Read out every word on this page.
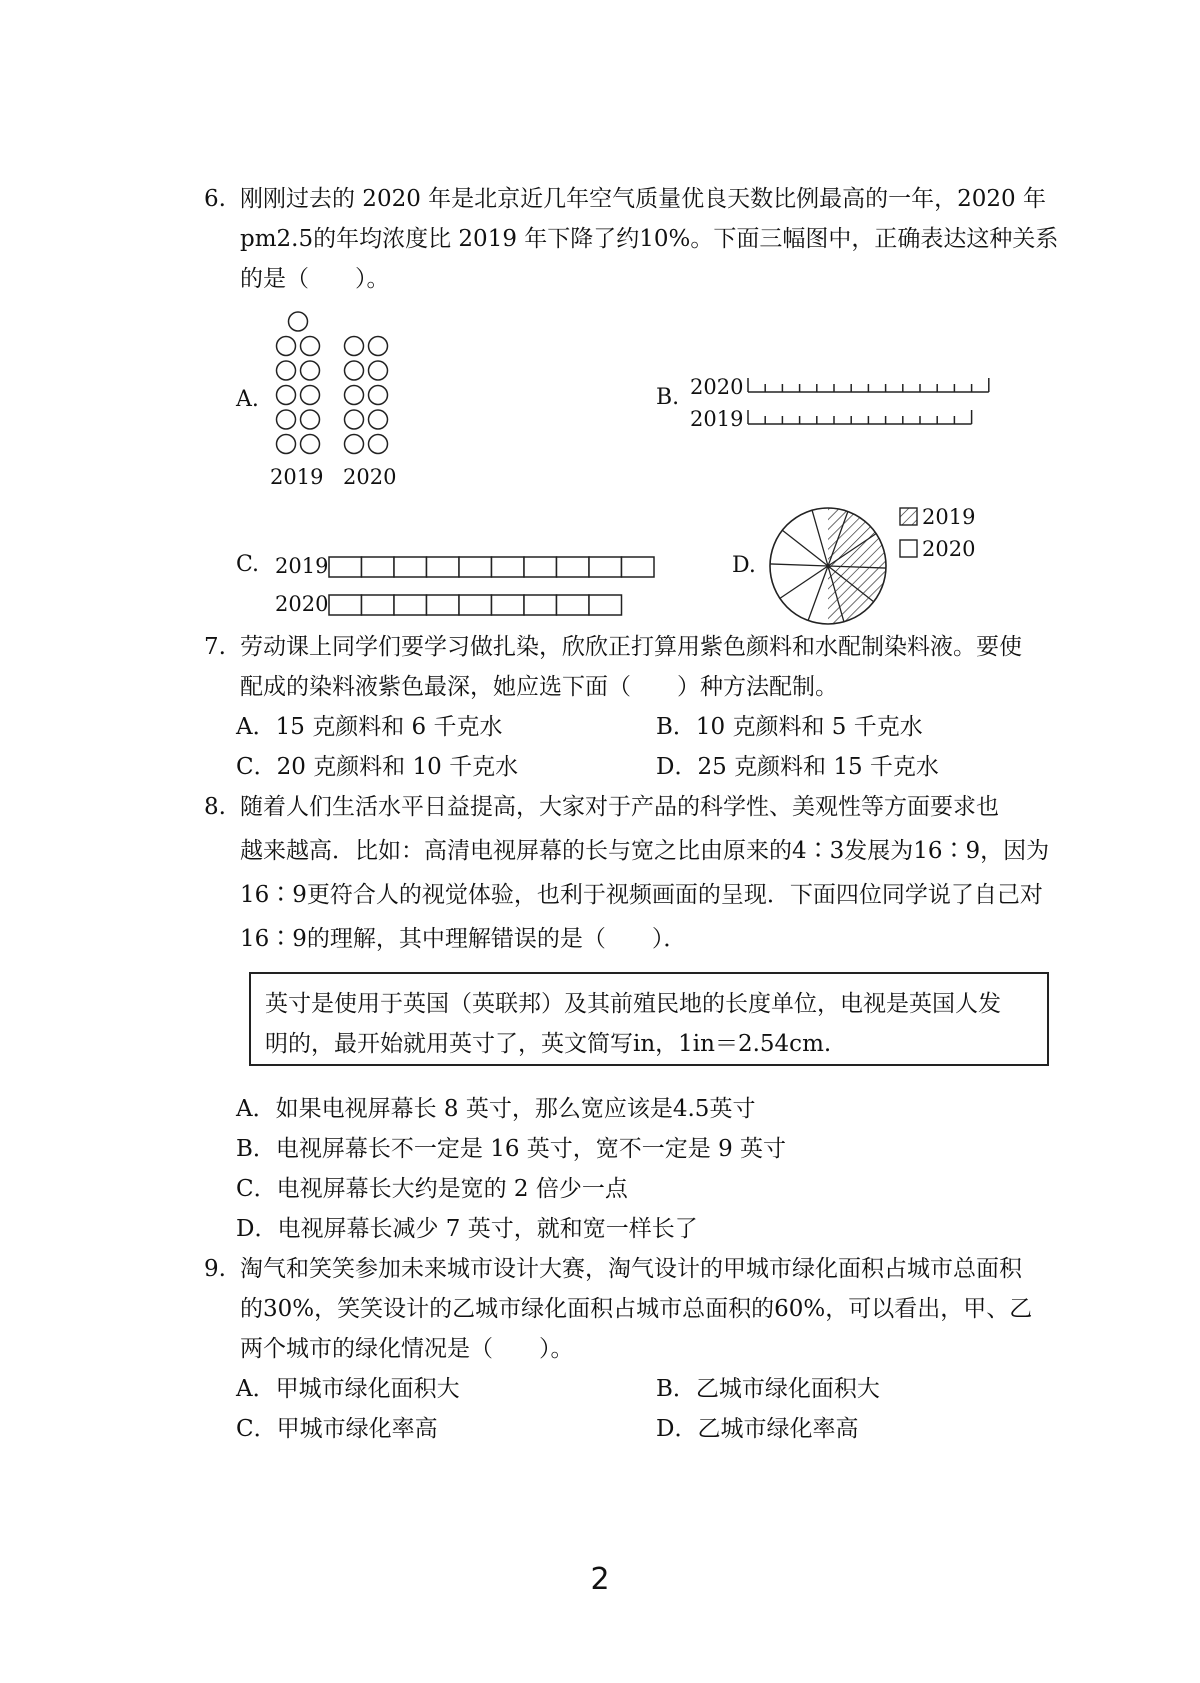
6. 刚刚过去的 2020 年是北京近几年空气质量优良天数比例最高的一年，2020 年
pm2.5的年均浓度比 2019 年下降了约10%。下面三幅图中，正确表达这种关系
的是（　　）。
A.
2019 2020
B. 2020
2019
C. 2019
2020
D.
2019
2020
7. 劳动课上同学们要学习做扎染，欣欣正打算用紫色颜料和水配制染料液。要使
配成的染料液紫色最深，她应选下面（　　）种方法配制。
A．15 克颜料和 6 千克水	B．10 克颜料和 5 千克水
C．20 克颜料和 10 千克水	D．25 克颜料和 15 千克水
8. 随着人们生活水平日益提高，大家对于产品的科学性、美观性等方面要求也
越来越高．比如：高清电视屏幕的长与宽之比由原来的4∶3发展为16∶9，因为
16∶9更符合人的视觉体验，也利于视频画面的呈现．下面四位同学说了自己对
16∶9的理解，其中理解错误的是（　　）．
英寸是使用于英国（英联邦）及其前殖民地的长度单位，电视是英国人发
明的，最开始就用英寸了，英文简写in，1in＝2.54cm.
A．如果电视屏幕长 8 英寸，那么宽应该是4.5英寸
B．电视屏幕长不一定是 16 英寸，宽不一定是 9 英寸
C．电视屏幕长大约是宽的 2 倍少一点
D．电视屏幕长减少 7 英寸，就和宽一样长了
9. 淘气和笑笑参加未来城市设计大赛，淘气设计的甲城市绿化面积占城市总面积
的30%，笑笑设计的乙城市绿化面积占城市总面积的60%，可以看出，甲、乙
两个城市的绿化情况是（　　）。
A．甲城市绿化面积大	B．乙城市绿化面积大
C．甲城市绿化率高	D．乙城市绿化率高
2
